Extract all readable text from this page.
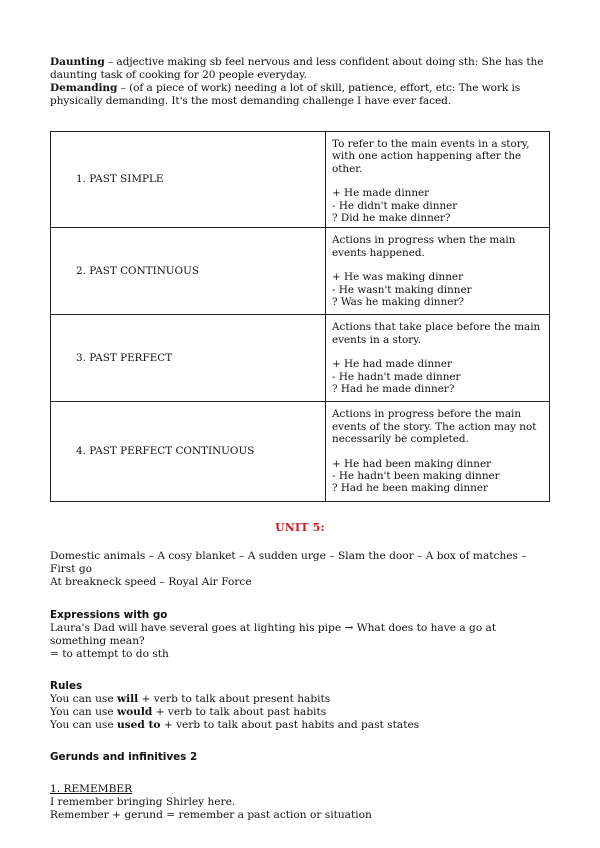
Daunting – adjective making sb feel nervous and less confident about doing sth: She has the daunting task of cooking for 20 people everyday.

Demanding – (of a piece of work) needing a lot of skill, patience, effort, etc: The work is physically demanding. It's the most demanding challenge I have ever faced.

1. PAST SIMPLE	To refer to the main events in a story, with one action happening after the other.

+ He made dinner

- He didn't make dinner

? Did he make dinner?

2. PAST CONTINUOUS	Actions in progress when the main events happened.

+ He was making dinner

- He wasn't making dinner

? Was he making dinner?

3. PAST PERFECT	Actions that take place before the main events in a story.

+ He had made dinner

- He hadn't made dinner

? Had he made dinner?

4. PAST PERFECT CONTINUOUS	Actions in progress before the main events of the story. The action may not necessarily be completed.

+ He had been making dinner

- He hadn't been making dinner

? Had he been making dinner

UNIT 5:

Domestic animals – A cosy blanket – A sudden urge – Slam the door – A box of matches – First go

At breakneck speed – Royal Air Force

Expressions with go

Laura's Dad will have several goes at lighting his pipe → What does to have a go at something mean?

= to attempt to do sth

Rules

You can use will + verb to talk about present habits

You can use would + verb to talk about past habits

You can use used to + verb to talk about past habits and past states

Gerunds and infinitives 2

1. REMEMBER

I remember bringing Shirley here.

Remember + gerund = remember a past action or situation
